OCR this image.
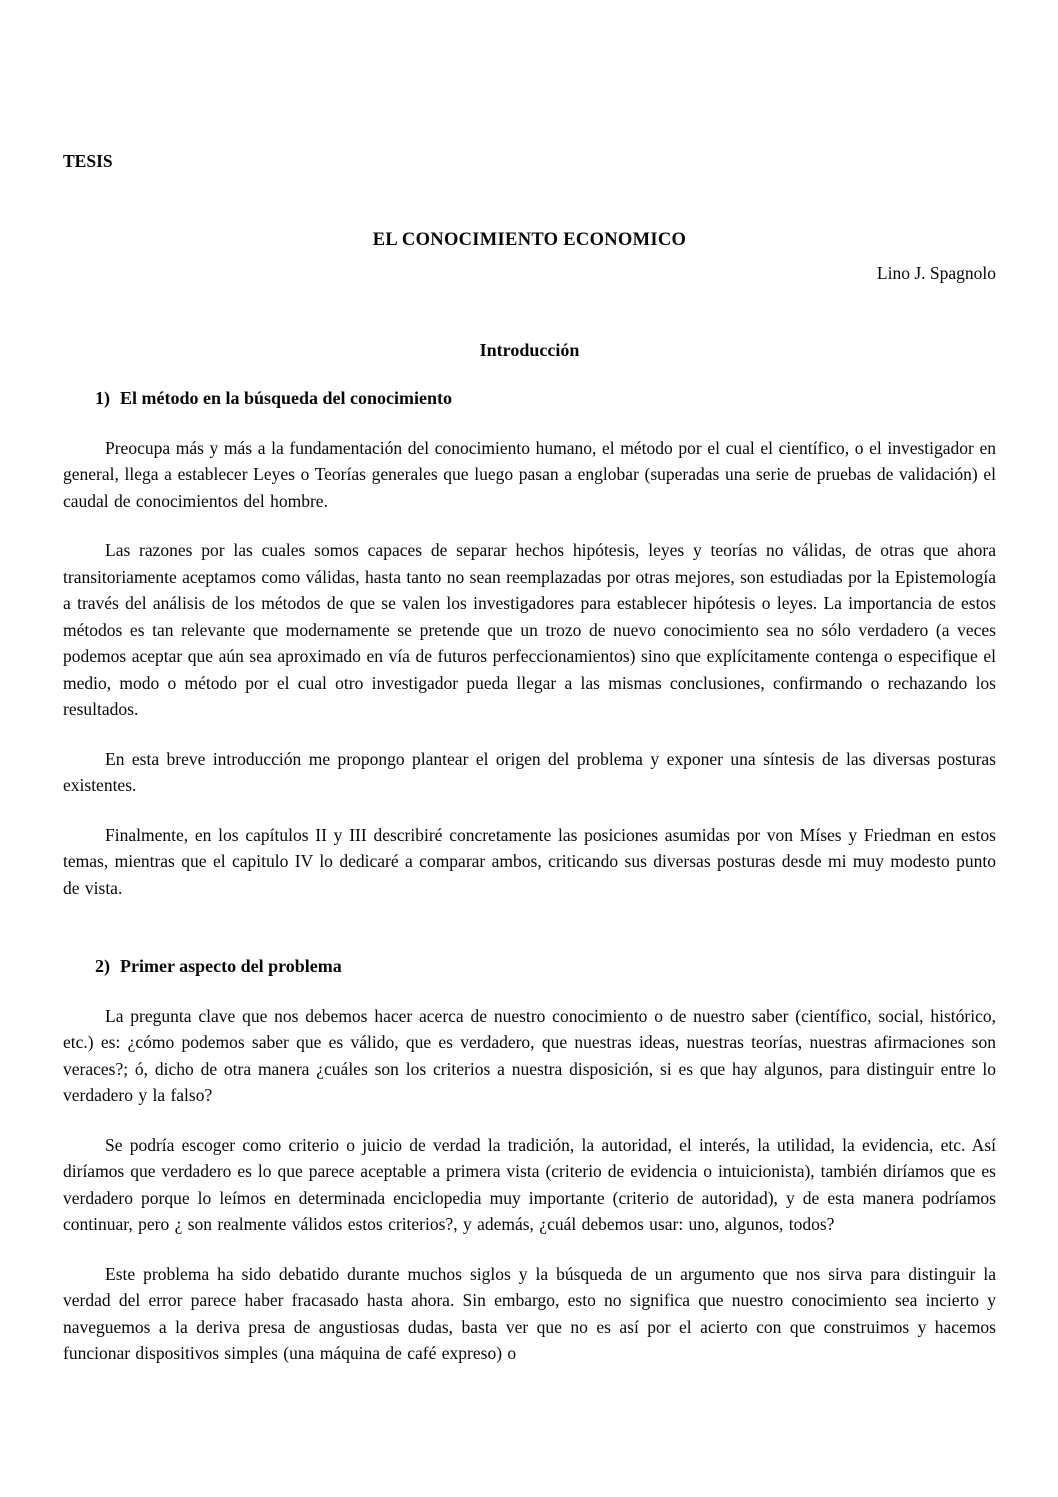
TESIS
EL CONOCIMIENTO ECONOMICO
Lino J. Spagnolo
Introducción
1) El método en la búsqueda del conocimiento

Preocupa más y más a la fundamentación del conocimiento humano, el método por el cual el científico, o el investigador en general, llega a establecer Leyes o Teorías generales que luego pasan a englobar (superadas una serie de pruebas de validación) el caudal de conocimientos del hombre.

Las razones por las cuales somos capaces de separar hechos hipótesis, leyes y teorías no válidas, de otras que ahora transitoriamente aceptamos como válidas, hasta tanto no sean reemplazadas por otras mejores, son estudiadas por la Epistemología a través del análisis de los métodos de que se valen los investigadores para establecer hipótesis o leyes. La importancia de estos métodos es tan relevante que modernamente se pretende que un trozo de nuevo conocimiento sea no sólo verdadero (a veces podemos aceptar que aún sea aproximado en vía de futuros perfeccionamientos) sino que explícitamente contenga o especifique el medio, modo o método por el cual otro investigador pueda llegar a las mismas conclusiones, confirmando o rechazando los resultados.

En esta breve introducción me propongo plantear el origen del problema y exponer una síntesis de las diversas posturas existentes.

Finalmente, en los capítulos II y III describiré concretamente las posiciones asumidas por von Míses y Friedman en estos temas, mientras que el capitulo IV lo dedicaré a comparar ambos, criticando sus diversas posturas desde mi muy modesto punto de vista.

2) Primer aspecto del problema

La pregunta clave que nos debemos hacer acerca de nuestro conocimiento o de nuestro saber (científico, social, histórico, etc.) es: ¿cómo podemos saber que es válido, que es verdadero, que nuestras ideas, nuestras teorías, nuestras afirmaciones son veraces?; ó, dicho de otra manera ¿cuáles son los criterios a nuestra disposición, si es que hay algunos, para distinguir entre lo verdadero y la falso?

Se podría escoger como criterio o juicio de verdad la tradición, la autoridad, el interés, la utilidad, la evidencia, etc. Así diríamos que verdadero es lo que parece aceptable a primera vista (criterio de evidencia o intuicionista), también diríamos que es verdadero porque lo leímos en determinada enciclopedia muy importante (criterio de autoridad), y de esta manera podríamos continuar, pero ¿ son realmente válidos estos criterios?, y además, ¿cuál debemos usar: uno, algunos, todos?

Este problema ha sido debatido durante muchos siglos y la búsqueda de un argumento que nos sirva para distinguir la verdad del error parece haber fracasado hasta ahora. Sin embargo, esto no significa que nuestro conocimiento sea incierto y naveguemos a la deriva presa de angustiosas dudas, basta ver que no es así por el acierto con que construimos y hacemos funcionar dispositivos simples (una máquina de café expreso) o
